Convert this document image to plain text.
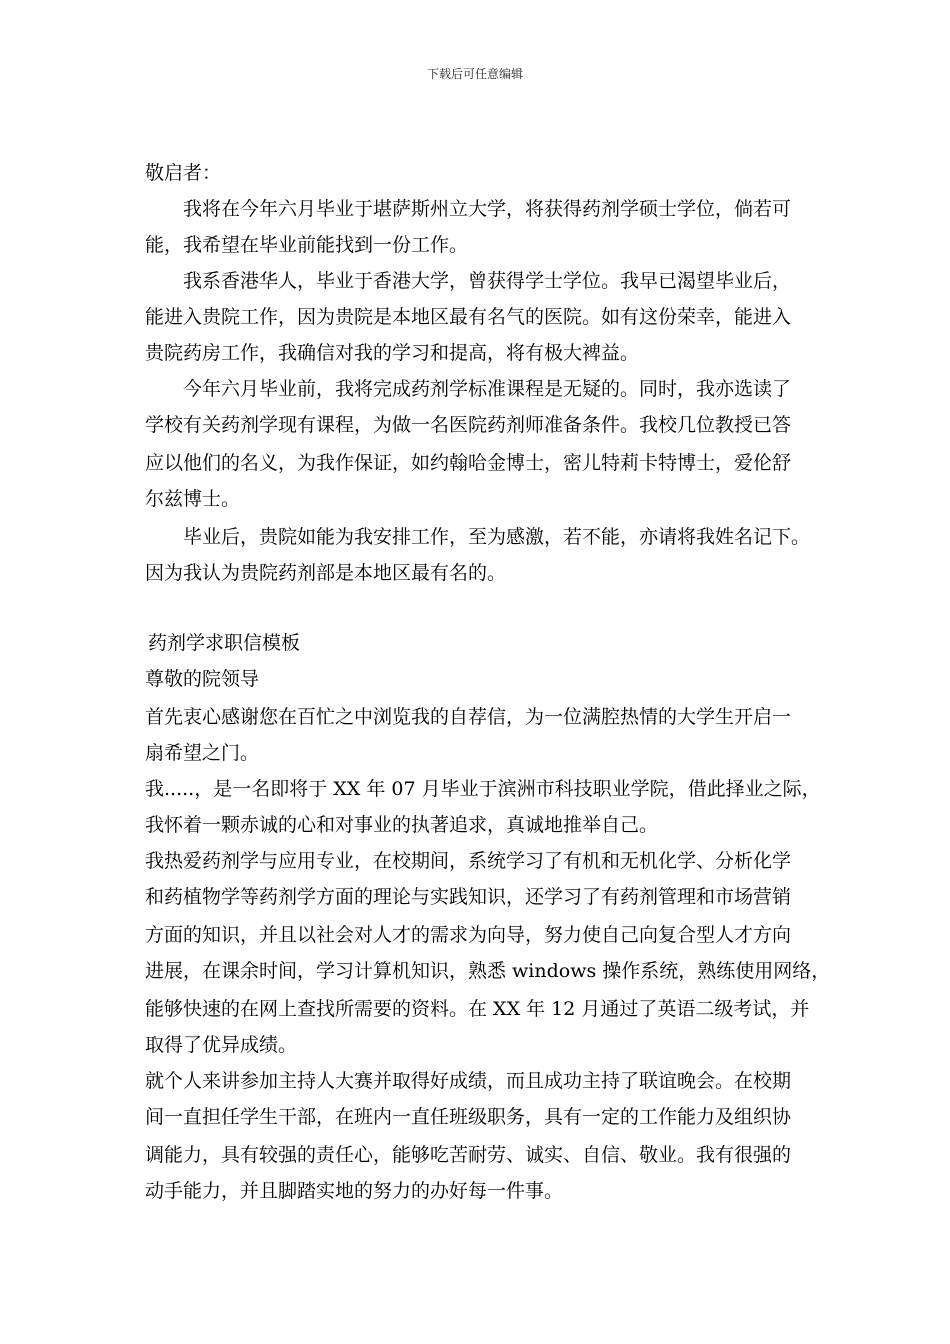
下载后可任意编辑
敬启者：
我将在今年六月毕业于堪萨斯州立大学，将获得药剂学硕士学位，倘若可
能，我希望在毕业前能找到一份工作。
我系香港华人，毕业于香港大学，曾获得学士学位。我早已渴望毕业后，
能进入贵院工作，因为贵院是本地区最有名气的医院。如有这份荣幸，能进入
贵院药房工作，我确信对我的学习和提高，将有极大裨益。
今年六月毕业前，我将完成药剂学标准课程是无疑的。同时，我亦选读了
学校有关药剂学现有课程，为做一名医院药剂师准备条件。我校几位教授已答
应以他们的名义，为我作保证，如约翰哈金博士，密儿特莉卡特博士，爱伦舒
尔兹博士。
毕业后，贵院如能为我安排工作，至为感激，若不能，亦请将我姓名记下。
因为我认为贵院药剂部是本地区最有名的。
药剂学求职信模板
尊敬的院领导
首先衷心感谢您在百忙之中浏览我的自荐信，为一位满腔热情的大学生开启一
扇希望之门。
我.....，是一名即将于 XX 年 07 月毕业于滨洲市科技职业学院，借此择业之际，
我怀着一颗赤诚的心和对事业的执著追求，真诚地推举自己。
我热爱药剂学与应用专业，在校期间，系统学习了有机和无机化学、分析化学
和药植物学等药剂学方面的理论与实践知识，还学习了有药剂管理和市场营销
方面的知识，并且以社会对人才的需求为向导，努力使自己向复合型人才方向
进展，在课余时间，学习计算机知识，熟悉 windows 操作系统，熟练使用网络，
能够快速的在网上查找所需要的资料。在 XX 年 12 月通过了英语二级考试，并
取得了优异成绩。
就个人来讲参加主持人大赛并取得好成绩，而且成功主持了联谊晚会。在校期
间一直担任学生干部，在班内一直任班级职务，具有一定的工作能力及组织协
调能力，具有较强的责任心，能够吃苦耐劳、诚实、自信、敬业。我有很强的
动手能力，并且脚踏实地的努力的办好每一件事。
